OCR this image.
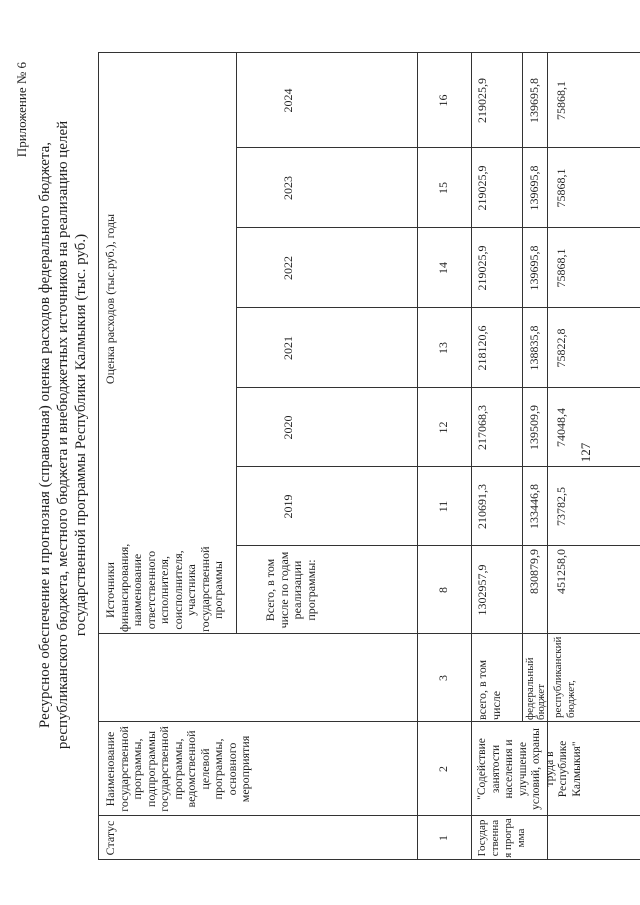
Приложение № 6
Ресурсное обеспечение и прогнозная (справочная) оценка расходов федерального бюджета, республиканского бюджета, местного бюджета и внебюджетных источников на реализацию целей государственной программы Республики Калмыкия (тыс. руб.)
Статус
Наименование государственной программы, подпрограммы государственной программы, ведомственной целевой программы, основного мероприятия
Источники финансирования, наименование ответственного исполнителя, соисполнителя, участника государственной программы
Оценка расходов (тыс.руб.), годы
Всего, в том числе по годам реализации программы:
2019
2020
2021
2022
2023
2024
1
2
3
8
11
12
13
14
15
16
Государственная программа
"Содействие занятости населения и улучшение условий, охраны труда в Республике Калмыкия"
всего, в том числе федеральный бюджет
1302957,9
210691,3
217068,3
218120,6
219025,9
219025,9
219025,9
830879,9
133446,8
139509,9
138835,8
139695,8
139695,8
139695,8
127
республиканский бюджет,
451258,0
73782,5
74048,4
75822,8
75868,1
75868,1
75868,1
